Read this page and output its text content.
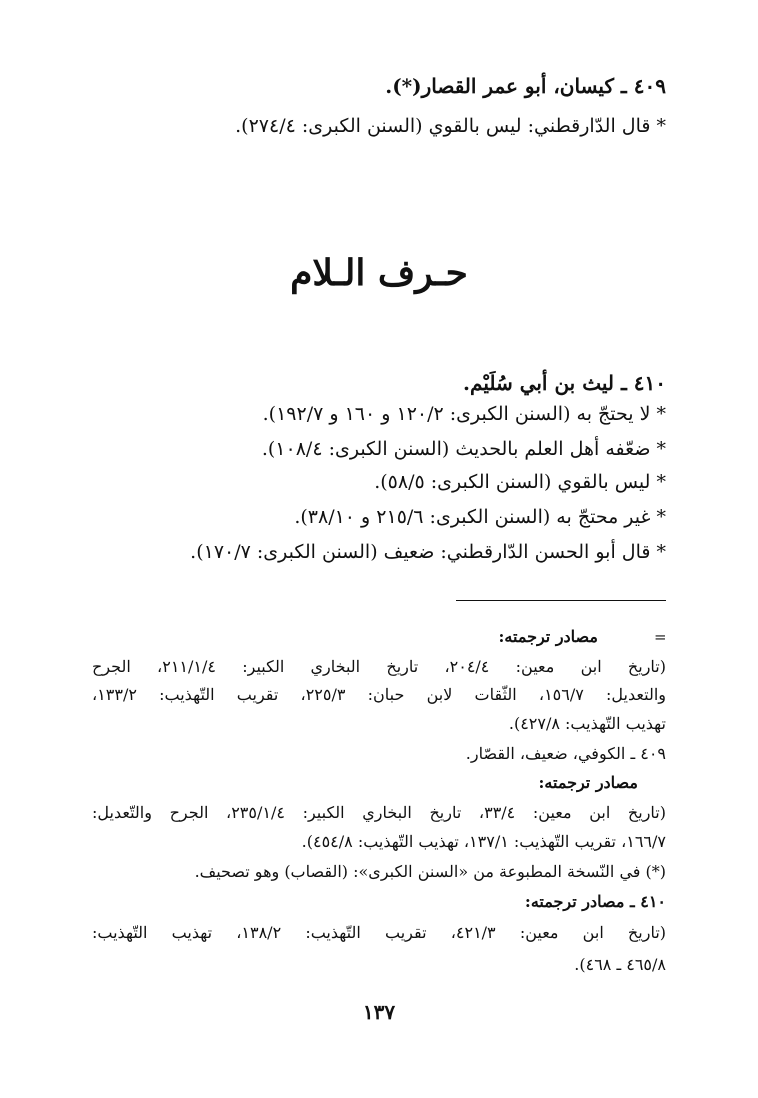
٤٠٩ ـ كيسان، أبو عمر القصار(*).
* قال الدّارقطني: ليس بالقوي (السنن الكبرى: ٢٧٤/٤).
حـرف الـلام
٤١٠ ـ ليث بن أبي سُلَيْم.
* لا يحتجّ به (السنن الكبرى: ١٢٠/٢ و ١٦٠ و ١٩٢/٧).
* ضعّفه أهل العلم بالحديث (السنن الكبرى: ١٠٨/٤).
* ليس بالقوي (السنن الكبرى: ٥٨/٥).
* غير محتجّ به (السنن الكبرى: ٢١٥/٦ و ٣٨/١٠).
* قال أبو الحسن الدّارقطني: ضعيف (السنن الكبرى: ١٧٠/٧).
=
مصادر ترجمته:
(تاريخ ابن معين: ٢٠٤/٤، تاريخ البخاري الكبير: ٢١١/١/٤، الجرح
والتعديل: ١٥٦/٧، الثّقات لابن حبان: ٢٢٥/٣، تقريب التّهذيب: ١٣٣/٢،
تهذيب التّهذيب: ٤٢٧/٨).
٤٠٩ ـ الكوفي، ضعيف، القصّار.
مصادر ترجمته:
(تاريخ ابن معين: ٣٣/٤، تاريخ البخاري الكبير: ٢٣٥/١/٤، الجرح والتّعديل:
١٦٦/٧، تقريب التّهذيب: ١٣٧/١، تهذيب التّهذيب: ٤٥٤/٨).
(*) في النّسخة المطبوعة من «السنن الكبرى»: (القصاب) وهو تصحيف.
٤١٠ ـ مصادر ترجمته:
(تاريخ ابن معين: ٤٢١/٣، تقريب التّهذيب: ١٣٨/٢، تهذيب التّهذيب:
٤٦٥/٨ ـ ٤٦٨).
١٣٧
